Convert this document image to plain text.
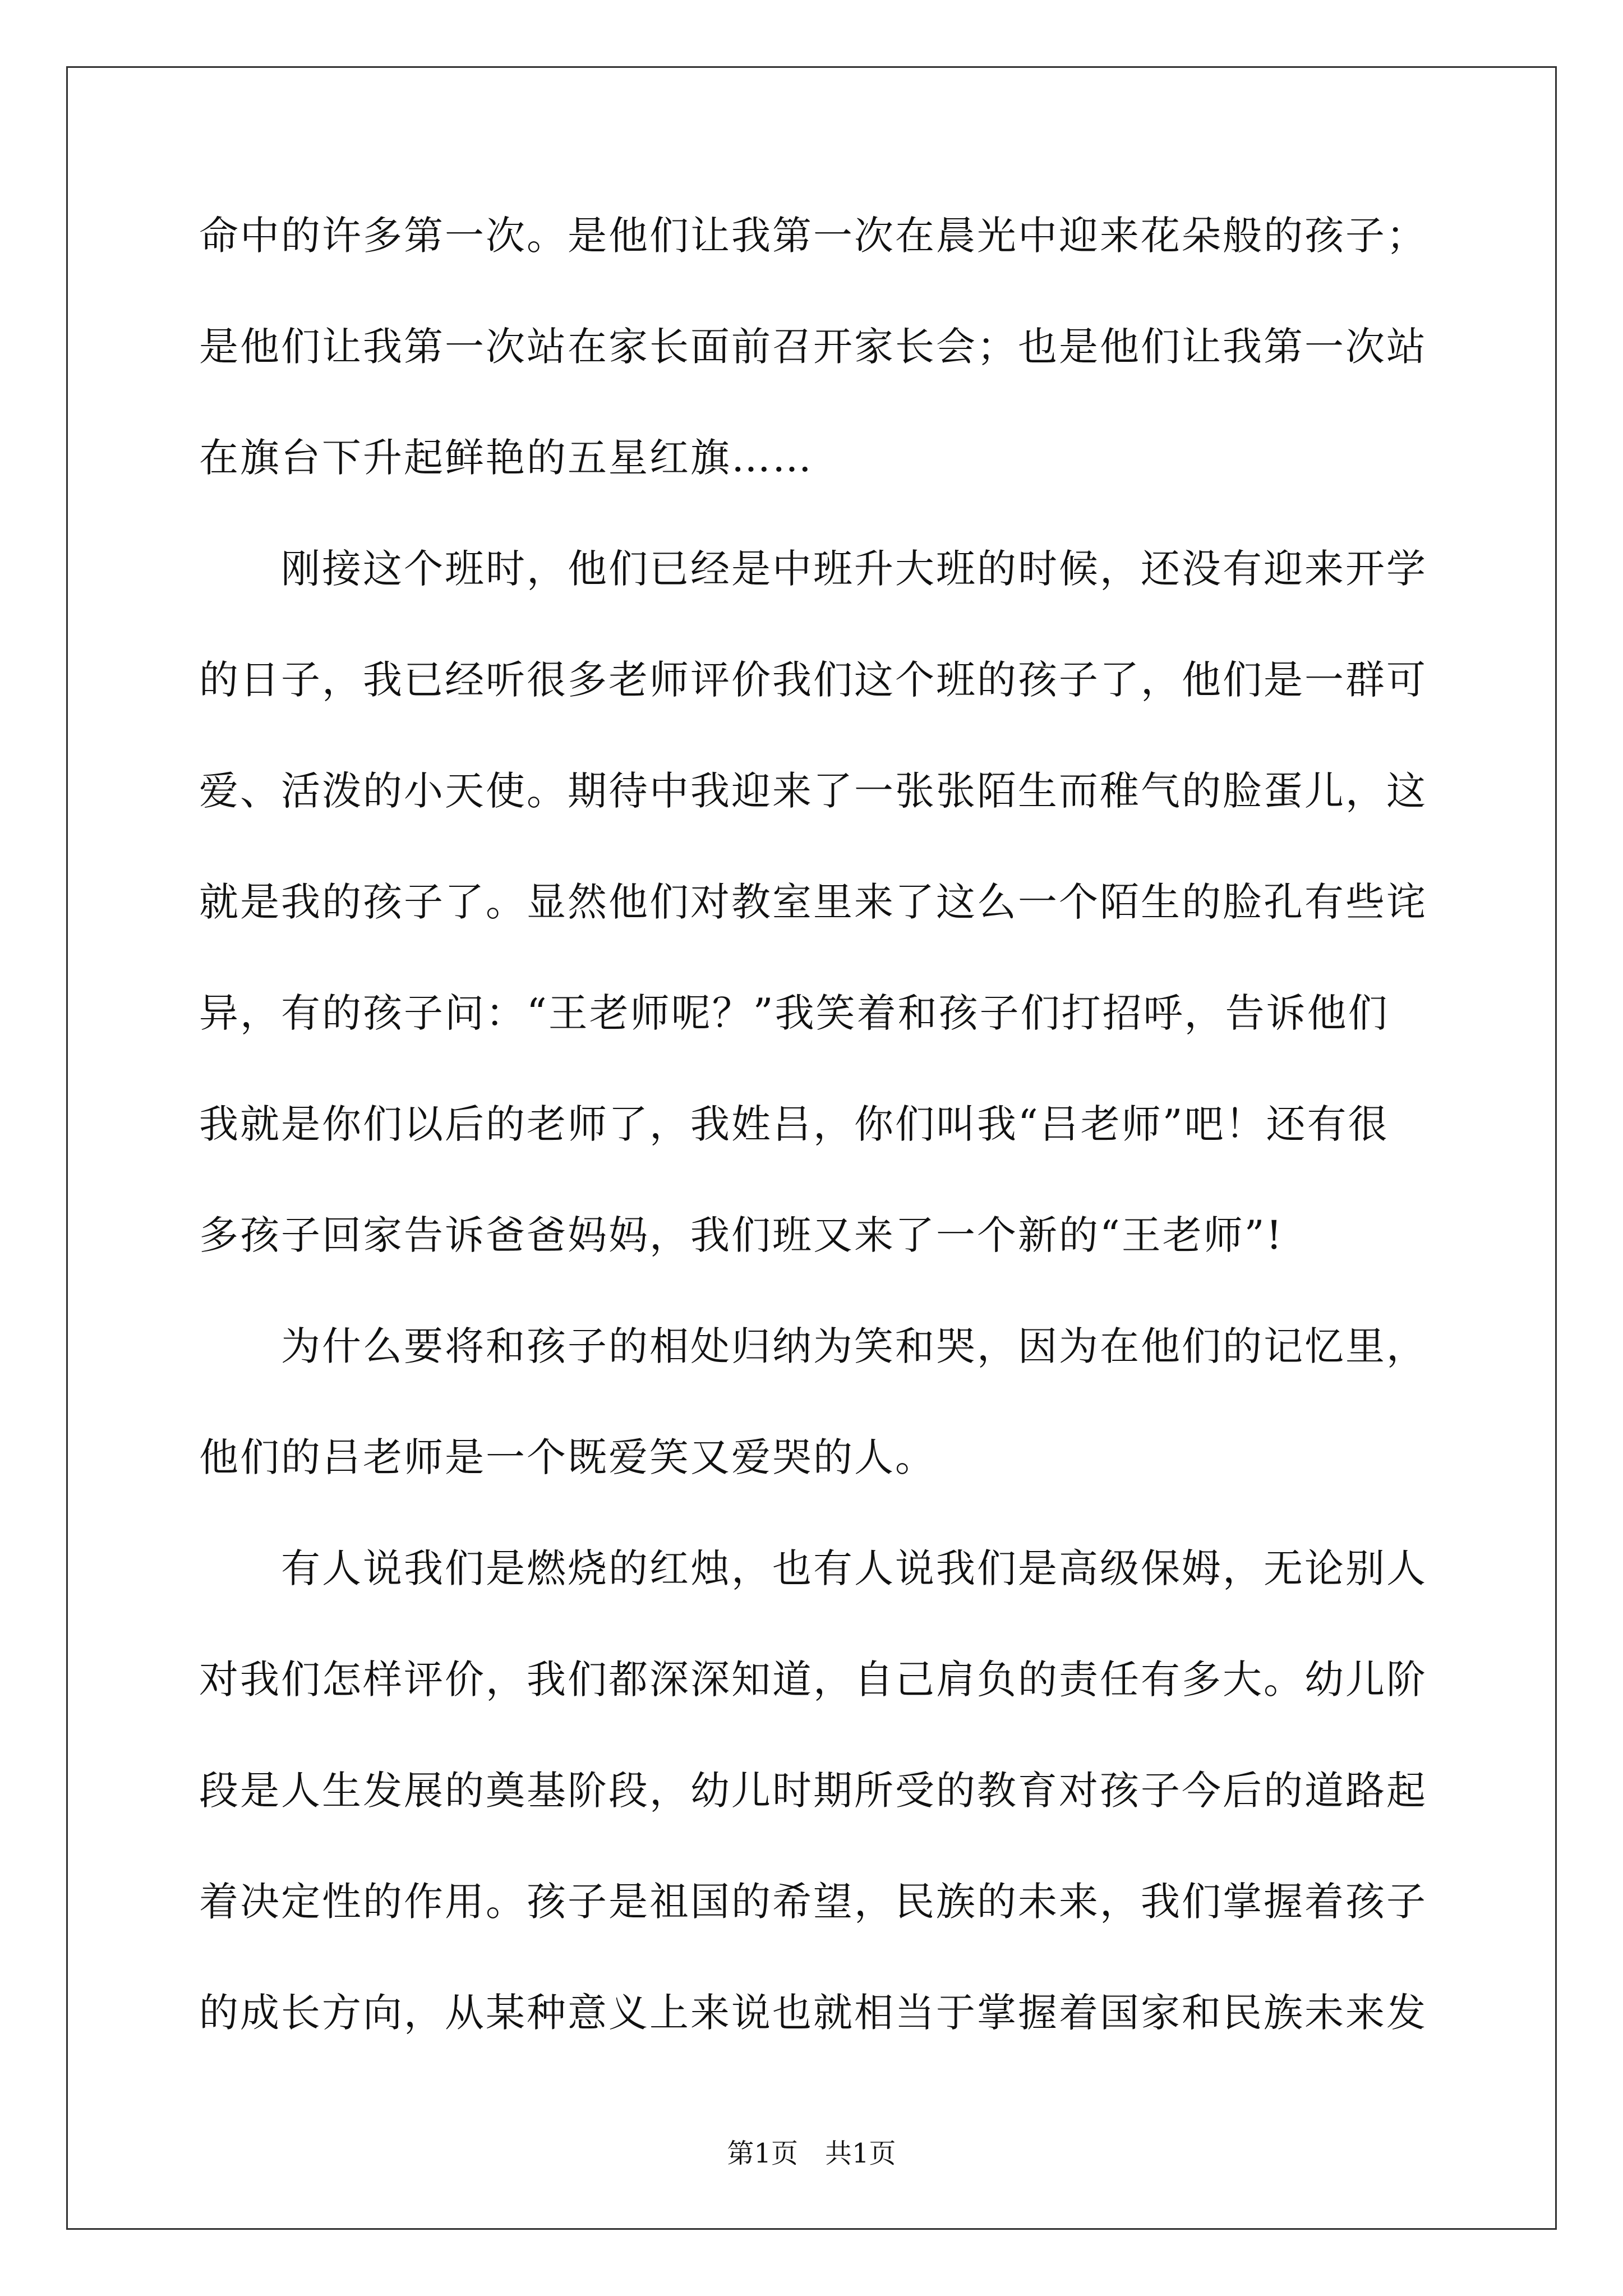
命中的许多第一次。是他们让我第一次在晨光中迎来花朵般的孩子；
是他们让我第一次站在家长面前召开家长会；也是他们让我第一次站
在旗台下升起鲜艳的五星红旗……
　　刚接这个班时，他们已经是中班升大班的时候，还没有迎来开学
的日子，我已经听很多老师评价我们这个班的孩子了，他们是一群可
爱、活泼的小天使。期待中我迎来了一张张陌生而稚气的脸蛋儿，这
就是我的孩子了。显然他们对教室里来了这么一个陌生的脸孔有些诧
异，有的孩子问：“王老师呢？”我笑着和孩子们打招呼，告诉他们
我就是你们以后的老师了，我姓吕，你们叫我“吕老师”吧！还有很
多孩子回家告诉爸爸妈妈，我们班又来了一个新的“王老师”!
　　为什么要将和孩子的相处归纳为笑和哭，因为在他们的记忆里，
他们的吕老师是一个既爱笑又爱哭的人。
　　有人说我们是燃烧的红烛，也有人说我们是高级保姆，无论别人
对我们怎样评价，我们都深深知道，自己肩负的责任有多大。幼儿阶
段是人生发展的奠基阶段，幼儿时期所受的教育对孩子今后的道路起
着决定性的作用。孩子是祖国的希望，民族的未来，我们掌握着孩子
的成长方向，从某种意义上来说也就相当于掌握着国家和民族未来发
第1页　共1页
